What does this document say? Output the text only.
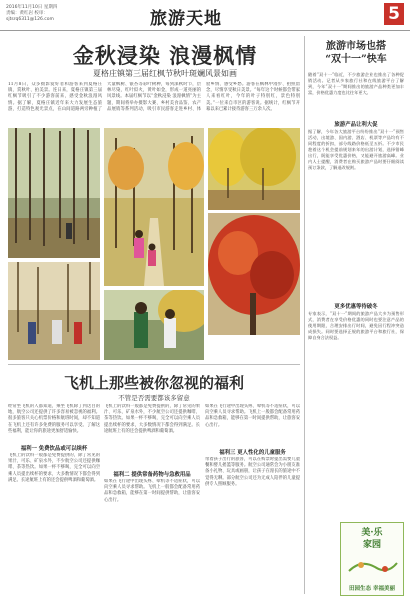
2016年11月10日 星期四
责编：黄红岩 校审：
sjtsrq6311@126.com	旅游天地	5
金秋浸染 浪漫枫情
夏格庄镇第三届红枫节秋叶斑斓风景如画
11月8日，众多摄影爱好者和游客来到夏格庄镇，赏秋叶、拍美景。连日来，夏格庄镇第三届红枫节吸引了不少游客前来，感受金秋浪漫风情。据了解，夏格庄镇近年来大力发展生态旅游，打造特色观光景点，在山间道路两旁种植了大量枫树、银杏等彩叶树种，每到深秋时节，层林尽染，红叶似火，黄叶如金，形成一道亮丽的风景线。本届红枫节以“金秋浸染 浪漫枫情”为主题，期间将举办摄影大赛、乡村美食品鉴、农产品展销等系列活动，吸引市民游客走进乡村、体验乡情、感受乡愁。游客在枫林中漫步、拍照留念，尽情享受秋日美景。“每年这个时候都会带家人来看红叶，今年的叶子特别红，景色特别美。”一位来自市区的游客说。据统计，红枫节开幕以来已累计接待游客三万余人次。
飞机上那些被你忽视的福利
不管是否需要都该多留意
经常坐飞机的人都知道，乘坐飞机除了到达目的地，航空公司还提供了许多容易被忽视的福利。很多旅客只关心机票价格和航班时间，却不知道在飞机上还有许多免费的服务可以享受。了解这些福利，能让你的旅途更加舒适愉快。
福利一 免费饮品或可以续杯
飞机上的饮料一般都是免费提供的，除了常见的果汁、可乐、矿泉水外，不少航空公司还提供咖啡、茶等热饮。如果一杯不够喝，完全可以向空乘人员提出续杯的要求，大多数情况下都会得到满足。长途航班上有的还会提供啤酒和葡萄酒。
福利二 提供常备药物与急救用品
飞机上的饮料一般都是免费提供的，除了常见的果汁、可乐、矿泉水外，不少航空公司还提供咖啡、茶等热饮。如果一杯不够喝，完全可以向空乘人员提出续杯的要求，大多数情况下都会得到满足。长途航班上有的还会提供啤酒和葡萄酒。
如果在飞行途中出现头疼、晕机等不适症状，可以向空乘人员寻求帮助。飞机上一般都会配备常用药品和急救箱，能够在第一时间提供帮助，让旅客安心出行。
如果在飞行途中出现头疼、晕机等不适症状，可以向空乘人员寻求帮助。飞机上一般都会配备常用药品和急救箱，能够在第一时间提供帮助，让旅客安心出行。
福利三 更人性化的儿童服务
带着孩子出行的旅客，可以在购票时提出需要儿童餐和婴儿摇篮等服务。航空公司通常会为小朋友准备小礼物、玩具或画册，让孩子在漫长的旅途中不觉得无聊。部分航空公司还为无成人陪伴的儿童提供专人照顾服务。
旅游市场也搭
“双十一”快车
随着“双十一”临近，不少旅游企业也推出了各种促销活动。记者从多家旅行社和在线旅游平台了解到，今年“双十一”期间推出的旅游产品种类更加丰富，价格优惠力度也比往年更大。
旅游产品让利大促
据了解，今年各大旅游平台纷纷推出“双十一”预售活动，出境游、国内游、酒店、机票等产品均有不同程度的折扣，部分线路价格低至五折。不少市民趁着这个机会提前规划来年的出游计划，选择错峰出行，既能享受优惠价格，又能避开旅游高峰。业内人士提醒，消费者在购买旅游产品时要仔细阅读预订条款，了解退改规则。
更多优惠等待破冬
专家表示，“双十一”期间的旅游产品大多为预售形式，消费者在享受价格优惠的同时也要注意产品的使用期限，合理安排出行时间，避免因行程冲突造成损失。同时要选择正规的旅游平台和旅行社，保障自身合法权益。
美·乐
家园
田园生态 幸福美丽
